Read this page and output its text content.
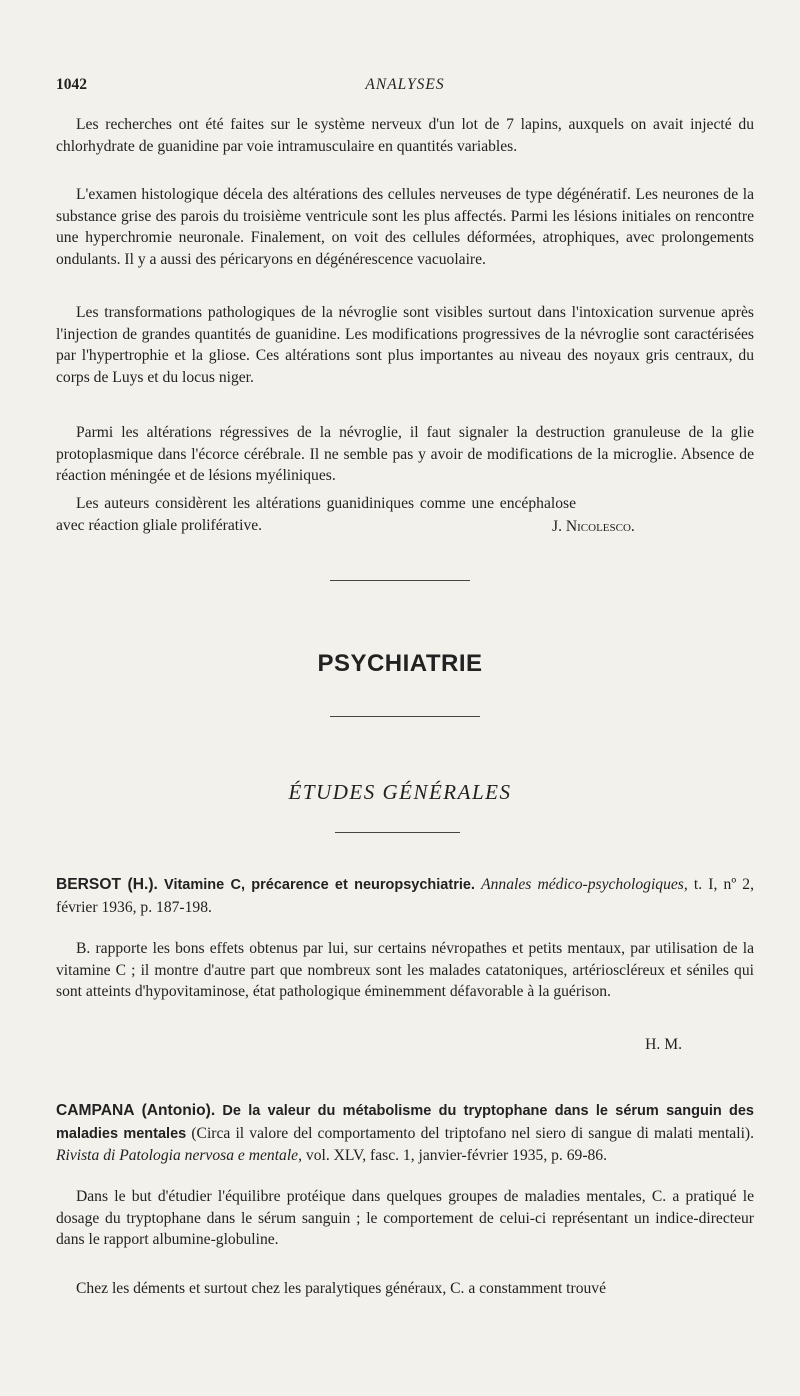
1042	ANALYSES

Les recherches ont été faites sur le système nerveux d'un lot de 7 lapins, auxquels on avait injecté du chlorhydrate de guanidine par voie intramusculaire en quantités variables.

L'examen histologique décela des altérations des cellules nerveuses de type dégénératif. Les neurones de la substance grise des parois du troisième ventricule sont les plus affectés. Parmi les lésions initiales on rencontre une hyperchromie neuronale. Finalement, on voit des cellules déformées, atrophiques, avec prolongements ondulants. Il y a aussi des péricaryons en dégénérescence vacuolaire.

Les transformations pathologiques de la névroglie sont visibles surtout dans l'intoxication survenue après l'injection de grandes quantités de guanidine. Les modifications progressives de la névroglie sont caractérisées par l'hypertrophie et la gliose. Ces altérations sont plus importantes au niveau des noyaux gris centraux, du corps de Luys et du locus niger.

Parmi les altérations régressives de la névroglie, il faut signaler la destruction granuleuse de la glie protoplasmique dans l'écorce cérébrale. Il ne semble pas y avoir de modifications de la microglie. Absence de réaction méningée et de lésions myéliniques.

Les auteurs considèrent les altérations guanidiniques comme une encéphalose avec réaction gliale proliférative.	J. Nicolesco.
PSYCHIATRIE
ÉTUDES GÉNÉRALES

BERSOT (H.). Vitamine C, précarence et neuropsychiatrie. Annales médico-psychologiques, t. I, nº 2, février 1936, p. 187-198.

B. rapporte les bons effets obtenus par lui, sur certains névropathes et petits mentaux, par utilisation de la vitamine C ; il montre d'autre part que nombreux sont les malades catatoniques, artérioscléreux et séniles qui sont atteints d'hypovitaminose, état pathologique éminemment défavorable à la guérison.

H. M.

CAMPANA (Antonio). De la valeur du métabolisme du tryptophane dans le sérum sanguin des maladies mentales (Circa il valore del comportamento del triptofano nel siero di sangue di malati mentali). Rivista di Patologia nervosa e mentale, vol. XLV, fasc. 1, janvier-février 1935, p. 69-86.

Dans le but d'étudier l'équilibre protéique dans quelques groupes de maladies mentales, C. a pratiqué le dosage du tryptophane dans le sérum sanguin ; le comportement de celui-ci représentant un indice-directeur dans le rapport albumine-globuline.

Chez les déments et surtout chez les paralytiques généraux, C. a constamment trouvé
